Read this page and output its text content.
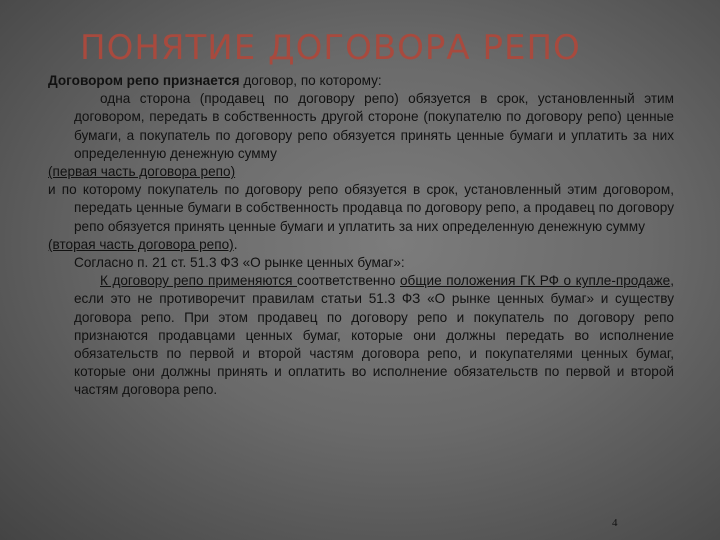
ПОНЯТИЕ ДОГОВОРА РЕПО

Договором репо признается договор, по которому:

одна сторона (продавец по договору репо) обязуется в срок, установленный этим договором, передать в собственность другой стороне (покупателю по договору репо) ценные бумаги, а покупатель по договору репо обязуется принять ценные бумаги и уплатить за них определенную денежную сумму

(первая часть договора репо)

и по которому покупатель по договору репо обязуется в срок, установленный этим договором, передать ценные бумаги в собственность продавца по договору репо, а продавец по договору репо обязуется принять ценные бумаги и уплатить за них определенную денежную сумму

(вторая часть договора репо).

Согласно п. 21 ст. 51.3 ФЗ «О рынке ценных бумаг»:

К договору репо применяются соответственно общие положения ГК РФ о купле-продаже, если это не противоречит правилам статьи 51.3 ФЗ «О рынке ценных бумаг» и существу договора репо. При этом продавец по договору репо и покупатель по договору репо признаются продавцами ценных бумаг, которые они должны передать во исполнение обязательств по первой и второй частям договора репо, и покупателями ценных бумаг, которые они должны принять и оплатить во исполнение обязательств по первой и второй частям договора репо.

4
